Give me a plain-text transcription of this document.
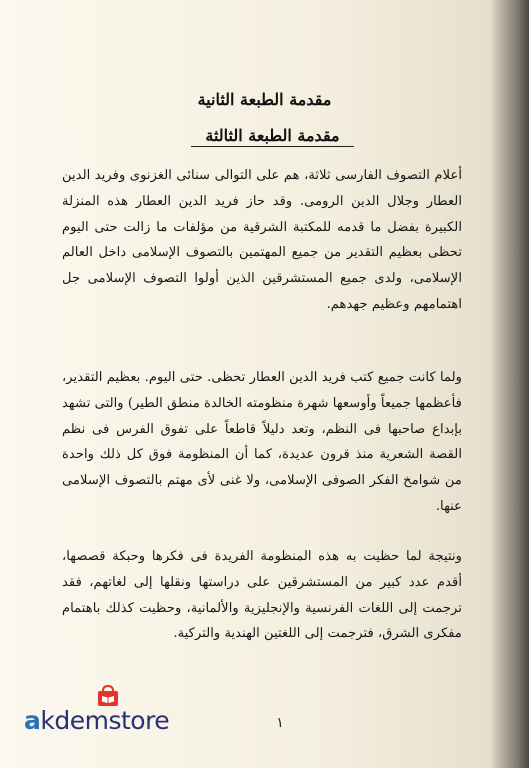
مقدمة الطبعة الثانية
مقدمة الطبعة الثالثة
أعلام التصوف الفارسى ثلاثة، هم على التوالى سنائى الغزنوى وفريد الدين العطار وجلال الدين الرومى. وقد حاز فريد الدين العطار هذه المنزلة الكبيرة بفضل ما قدمه للمكتبة الشرقية من مؤلفات ما زالت حتى اليوم تحظى بعظيم التقدير من جميع المهتمين بالتصوف الإسلامى داخل العالم الإسلامى، ولدى جميع المستشرقين الذين أولوا التصوف الإسلامى جل اهتمامهم وعظيم جهدهم.
ولما كانت جميع كتب فريد الدين العطار تحظى. حتى اليوم. بعظيم التقدير، فأعظمها جميعاً وأوسعها شهرة منظومته الخالدة منطق الطير) والتى تشهد بإبداع صاحبها فى النظم، وتعد دليلاً قاطعاً على تفوق الفرس فى نظم القصة الشعرية منذ قرون عديدة، كما أن المنظومة فوق كل ذلك واحدة من شوامخ الفكر الصوفى الإسلامى، ولا غنى لأى مهتم بالتصوف الإسلامى عنها.
ونتيجة لما حظيت به هذه المنظومة الفريدة فى فكرها وحبكة قصصها، أقدم عدد كبير من المستشرقين على دراستها ونقلها إلى لغاتهم، فقد ترجمت إلى اللغات الفرنسية والإنجليزية والألمانية، وحظيت كذلك باهتمام مفكرى الشرق، فترجمت إلى اللغتين الهندية والتركية.
١
akdemstore
